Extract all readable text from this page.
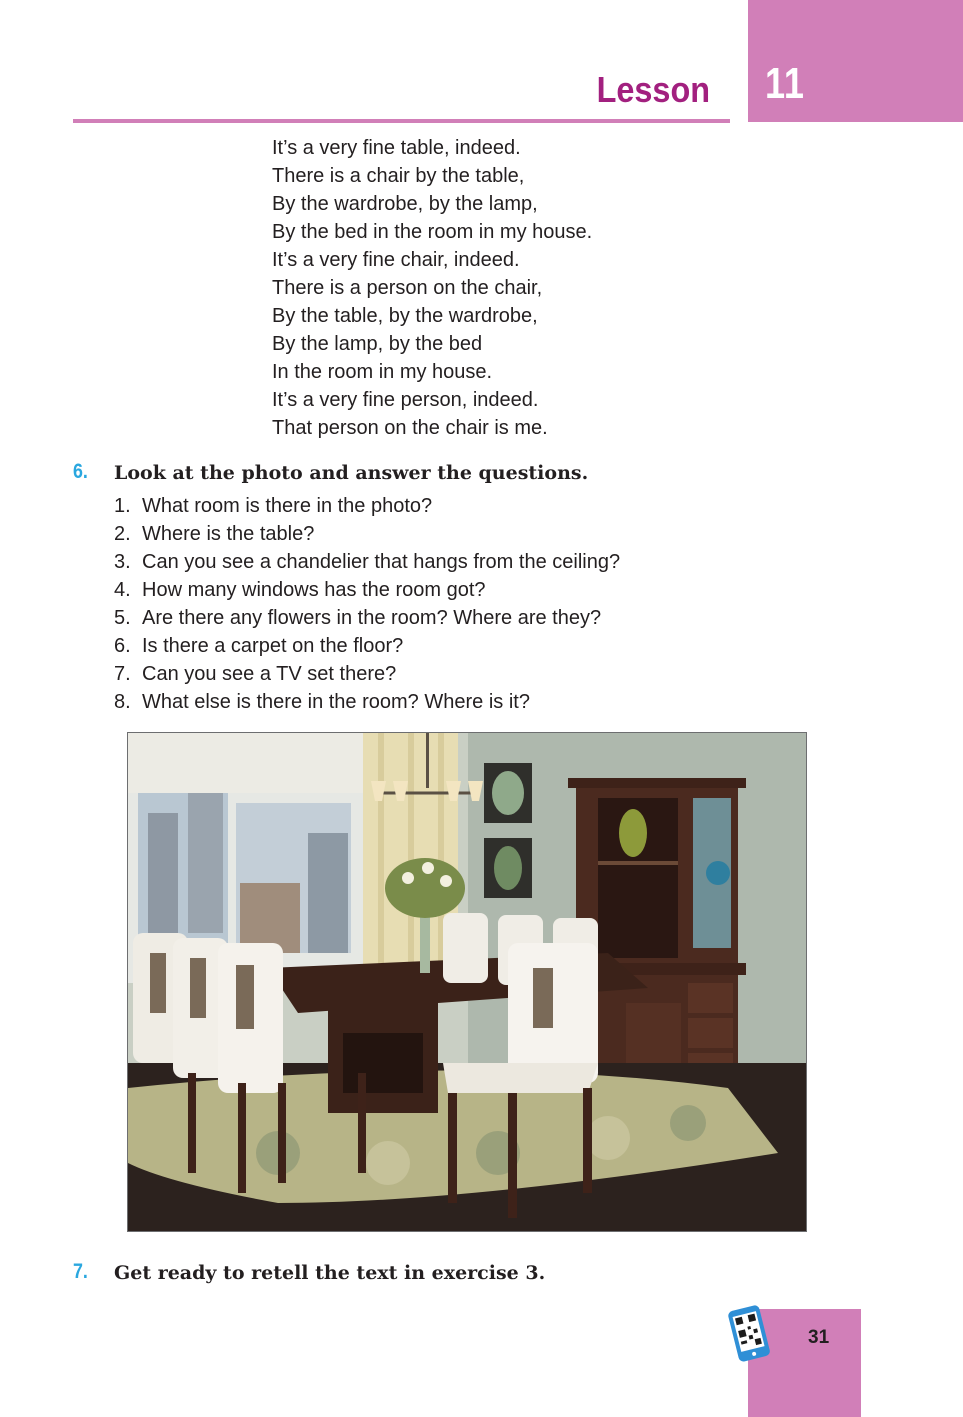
11
Lesson
It’s a very fine table, indeed.
There is a chair by the table,
By the wardrobe, by the lamp,
By the bed in the room in my house.
It’s a very fine chair, indeed.
There is a person on the chair,
By the table, by the wardrobe,
By the lamp, by the bed
In the room in my house.
It’s a very fine person, indeed.
That person on the chair is me.
6. Look at the photo and answer the questions.
1. What room is there in the photo?
2. Where is the table?
3. Can you see a chandelier that hangs from the ceiling?
4. How many windows has the room got?
5. Are there any flowers in the room? Where are they?
6. Is there a carpet on the floor?
7. Can you see a TV set there?
8. What else is there in the room? Where is it?
7. Get ready to retell the text in exercise 3.
31
